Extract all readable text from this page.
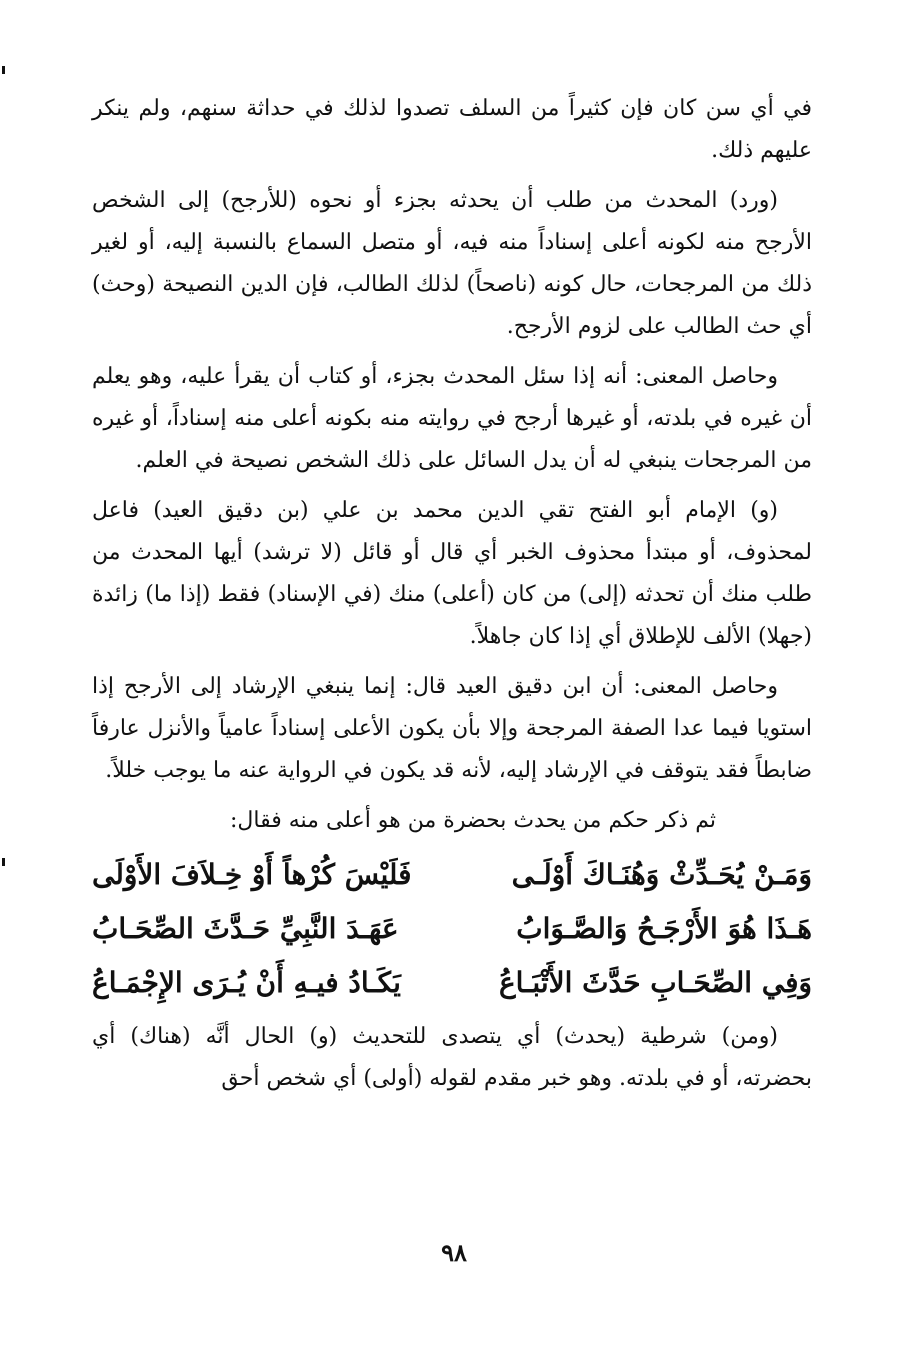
في أي سن كان فإن كثيراً من السلف تصدوا لذلك في حداثة سنهم، ولم ينكر عليهم ذلك.

(ورد) المحدث من طلب أن يحدثه بجزء أو نحوه (للأرجح) إلى الشخص الأرجح منه لكونه أعلى إسناداً منه فيه، أو متصل السماع بالنسبة إليه، أو لغير ذلك من المرجحات، حال كونه (ناصحاً) لذلك الطالب، فإن الدين النصيحة (وحث) أي حث الطالب على لزوم الأرجح.

وحاصل المعنى: أنه إذا سئل المحدث بجزء، أو كتاب أن يقرأ عليه، وهو يعلم أن غيره في بلدته، أو غيرها أرجح في روايته منه بكونه أعلى منه إسناداً، أو غيره من المرجحات ينبغي له أن يدل السائل على ذلك الشخص نصيحة في العلم.

(و) الإمام أبو الفتح تقي الدين محمد بن علي (بن دقيق العيد) فاعل لمحذوف، أو مبتدأ محذوف الخبر أي قال أو قائل (لا ترشد) أيها المحدث من طلب منك أن تحدثه (إلى) من كان (أعلى) منك (في الإسناد) فقط (إذا ما) زائدة (جهلا) الألف للإطلاق أي إذا كان جاهلاً.

وحاصل المعنى: أن ابن دقيق العيد قال: إنما ينبغي الإرشاد إلى الأرجح إذا استويا فيما عدا الصفة المرجحة وإلا بأن يكون الأعلى إسناداً عامياً والأنزل عارفاً ضابطاً فقد يتوقف في الإرشاد إليه، لأنه قد يكون في الرواية عنه ما يوجب خللاً.

ثم ذكر حكم من يحدث بحضرة من هو أعلى منه فقال:

وَمَـنْ يُحَـدِّثْ وَهُنَـاكَ أَوْلَـى
فَلَيْسَ كُرْهاً أَوْ خِـلاَفَ الأَوْلَى
هَـذَا هُوَ الأَرْجَـحُ وَالصَّـوَابُ
عَهَـدَ النَّبِيِّ حَـدَّثَ الصِّحَـابُ
وَفِي الصِّحَـابِ حَدَّثَ الأَتْبَـاعُ
يَكَـادُ فيـهِ أَنْ يُـرَى الإِجْمَـاعُ

(ومن) شرطية (يحدث) أي يتصدى للتحديث (و) الحال أنَّه (هناك) أي بحضرته، أو في بلدته. وهو خبر مقدم لقوله (أولى) أي شخص أحق

٩٨
